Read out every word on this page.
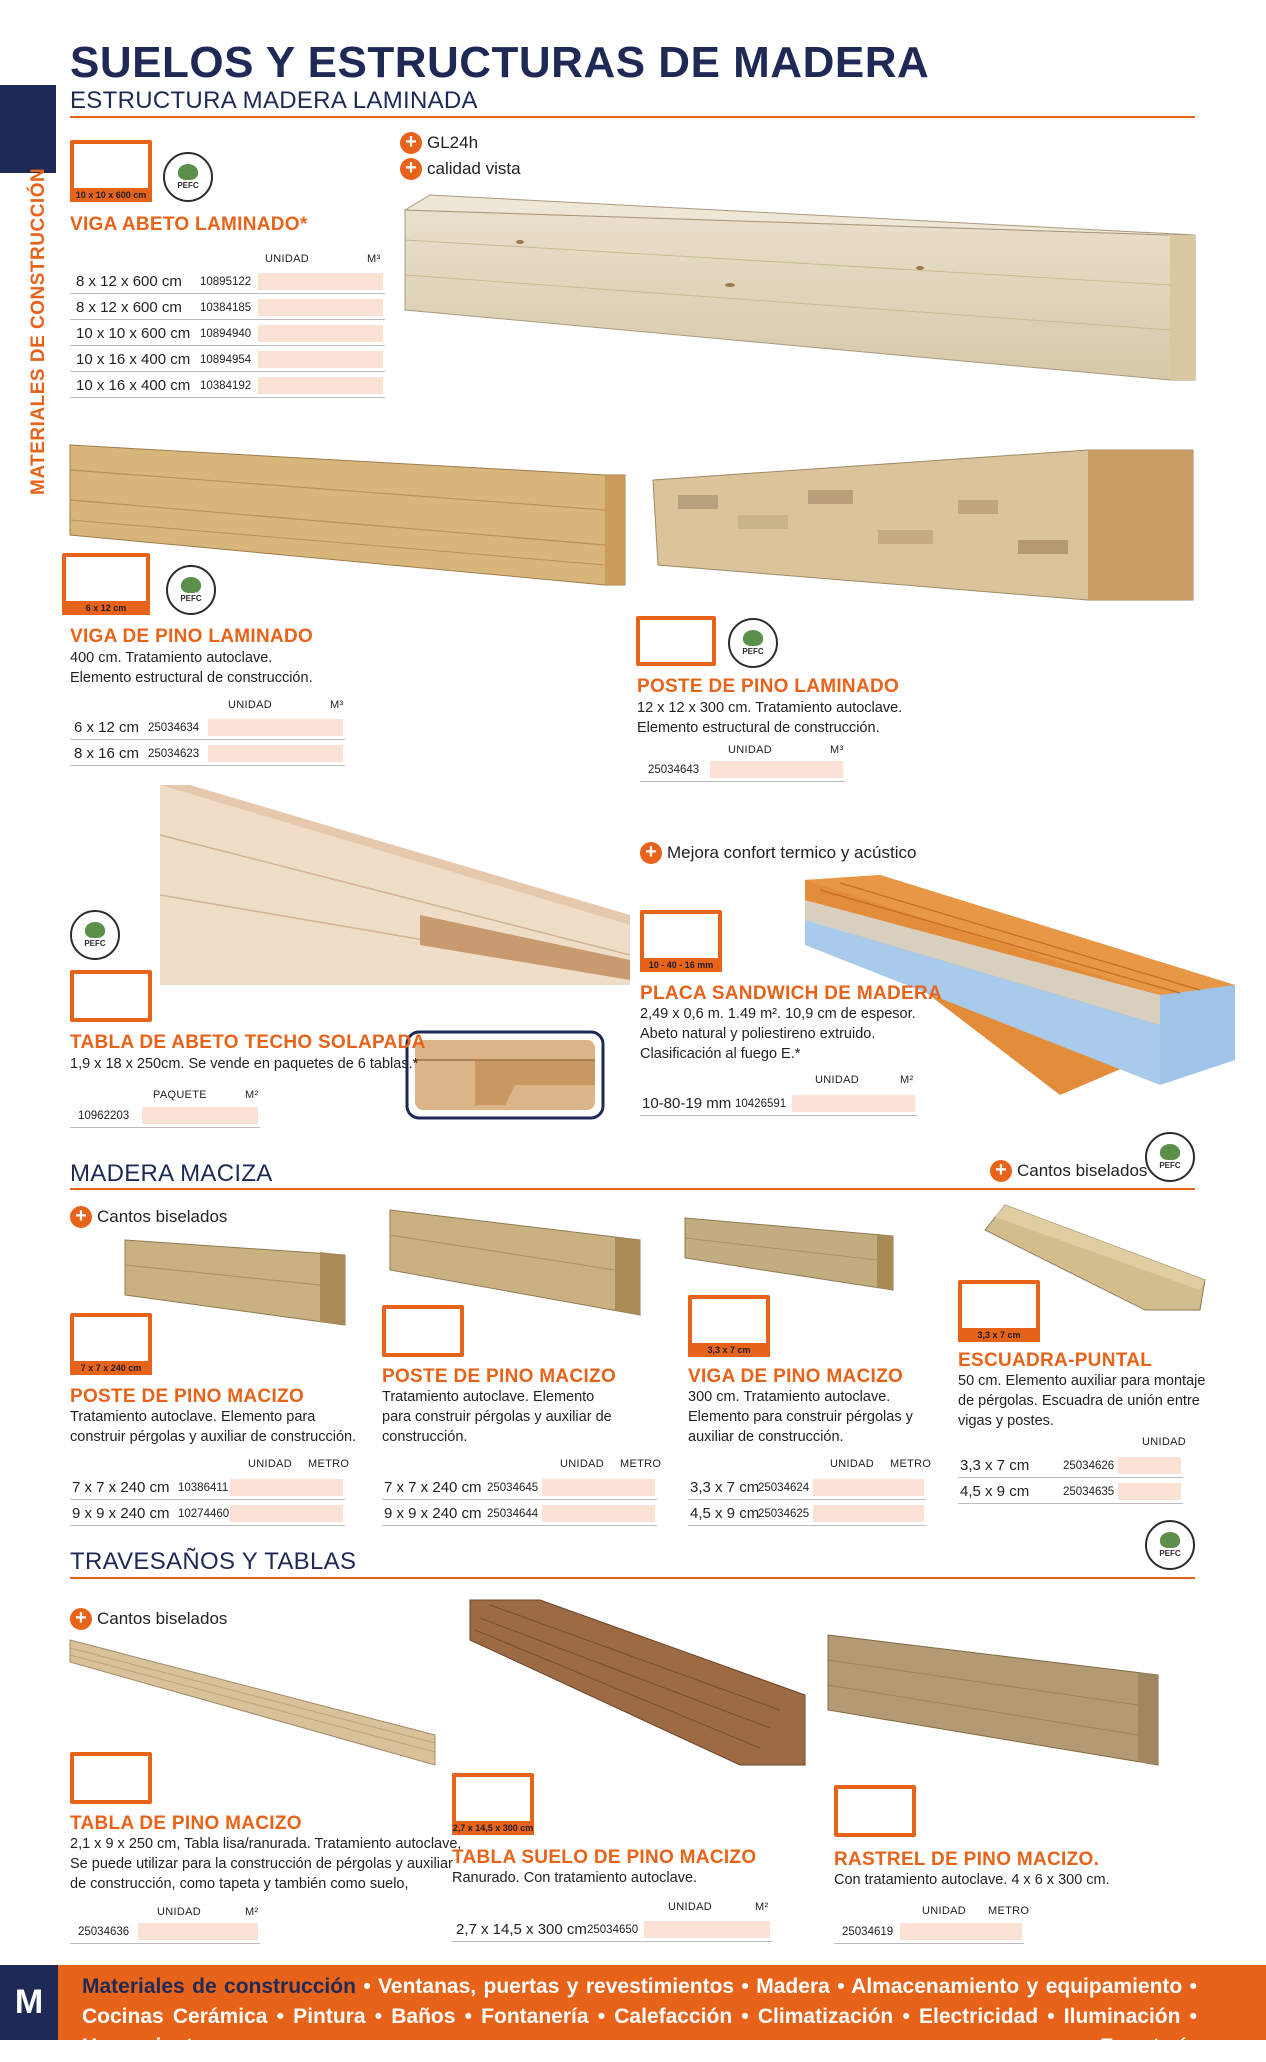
MATERIALES DE CONSTRUCCIÓN
SUELOS Y ESTRUCTURAS DE MADERA
ESTRUCTURA MADERA LAMINADA
10 x 10 x 600 cm
PEFC
VIGA ABETO LAMINADO*
UNIDAD	M³
8 x 12 x 600 cm 10895122
8 x 12 x 600 cm 10384185
10 x 10 x 600 cm 10894940
10 x 16 x 400 cm 10894954
10 x 16 x 400 cm 10384192
+ GL24h
+ calidad vista
6 x 12 cm
PEFC
VIGA DE PINO LAMINADO
400 cm. Tratamiento autoclave.
Elemento estructural de construcción.
UNIDAD	M³
6 x 12 cm 25034634
8 x 16 cm 25034623
PEFC
POSTE DE PINO LAMINADO
12 x 12 x 300 cm. Tratamiento autoclave.
Elemento estructural de construcción.
UNIDAD	M³
25034643
PEFC
TABLA DE ABETO TECHO SOLAPADA
1,9 x 18 x 250cm. Se vende en paquetes de 6 tablas.*
PAQUETE	M²
10962203
+ Mejora confort termico y acústico
10 - 40 - 16 mm
PLACA SANDWICH DE MADERA
2,49 x 0,6 m. 1.49 m². 10,9 cm de espesor.
Abeto natural y poliestireno extruido.
Clasificación al fuego E.*
UNIDAD	M²
10-80-19 mm 10426591
MADERA MACIZA	+ Cantos biselados PEFC
+ Cantos biselados
7 x 7 x 240 cm
POSTE DE PINO MACIZO
Tratamiento autoclave. Elemento para
construir pérgolas y auxiliar de construcción.
UNIDAD METRO
7 x 7 x 240 cm 10386411
9 x 9 x 240 cm 10274460
POSTE DE PINO MACIZO
Tratamiento autoclave. Elemento
para construir pérgolas y auxiliar de
construcción.
UNIDAD METRO
7 x 7 x 240 cm 25034645
9 x 9 x 240 cm 25034644
3,3 x 7 cm
VIGA DE PINO MACIZO
300 cm. Tratamiento autoclave.
Elemento para construir pérgolas y
auxiliar de construcción.
UNIDAD METRO
3,3 x 7 cm
25034624
4,5 x 9 cm
25034625
3,3 x 7 cm
ESCUADRA-PUNTAL
50 cm. Elemento auxiliar para montaje
de pérgolas. Escuadra de unión entre
vigas y postes.
UNIDAD
3,3 x 7 cm	25034626
4,5 x 9 cm	25034635
TRAVESAÑOS Y TABLAS	PEFC
+ Cantos biselados
TABLA DE PINO MACIZO
2,1 x 9 x 250 cm, Tabla lisa/ranurada. Tratamiento autoclave,
Se puede utilizar para la construcción de pérgolas y auxiliar
de construcción, como tapeta y también como suelo,
UNIDAD	M²
25034636
2,7 x 14,5 x 300 cm
TABLA SUELO DE PINO MACIZO
Ranurado. Con tratamiento autoclave.
UNIDAD	M²
2,7 x 14,5 x 300 cm 25034650
RASTREL DE PINO MACIZO.
Con tratamiento autoclave. 4 x 6 x 300 cm.
UNIDAD METRO
25034619
M	Materiales de construcción • Ventanas, puertas y revestimientos • Madera • Almacenamiento y equipamiento • Cocinas Cerámica • Pintura • Baños • Fontanería • Calefacción • Climatización • Electricidad • Iluminación • Herramientas • Ferretería
